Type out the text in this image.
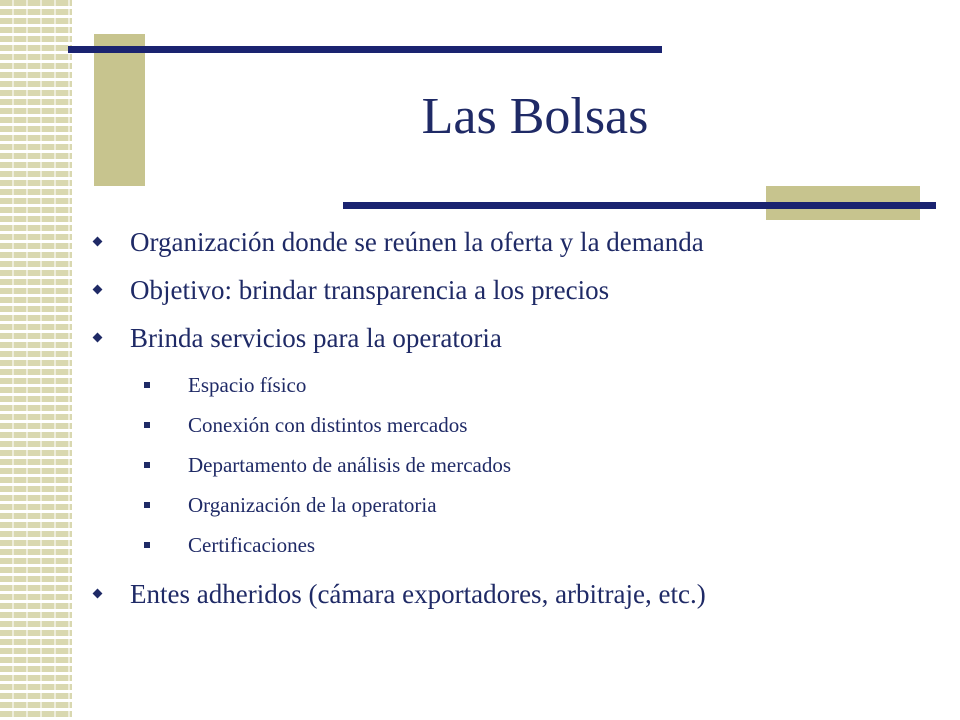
Las Bolsas
Organización donde se reúnen la oferta y la demanda
Objetivo: brindar transparencia a los precios
Brinda servicios para la operatoria
Espacio físico
Conexión con distintos mercados
Departamento de análisis de mercados
Organización de la operatoria
Certificaciones
Entes adheridos (cámara exportadores, arbitraje, etc.)
